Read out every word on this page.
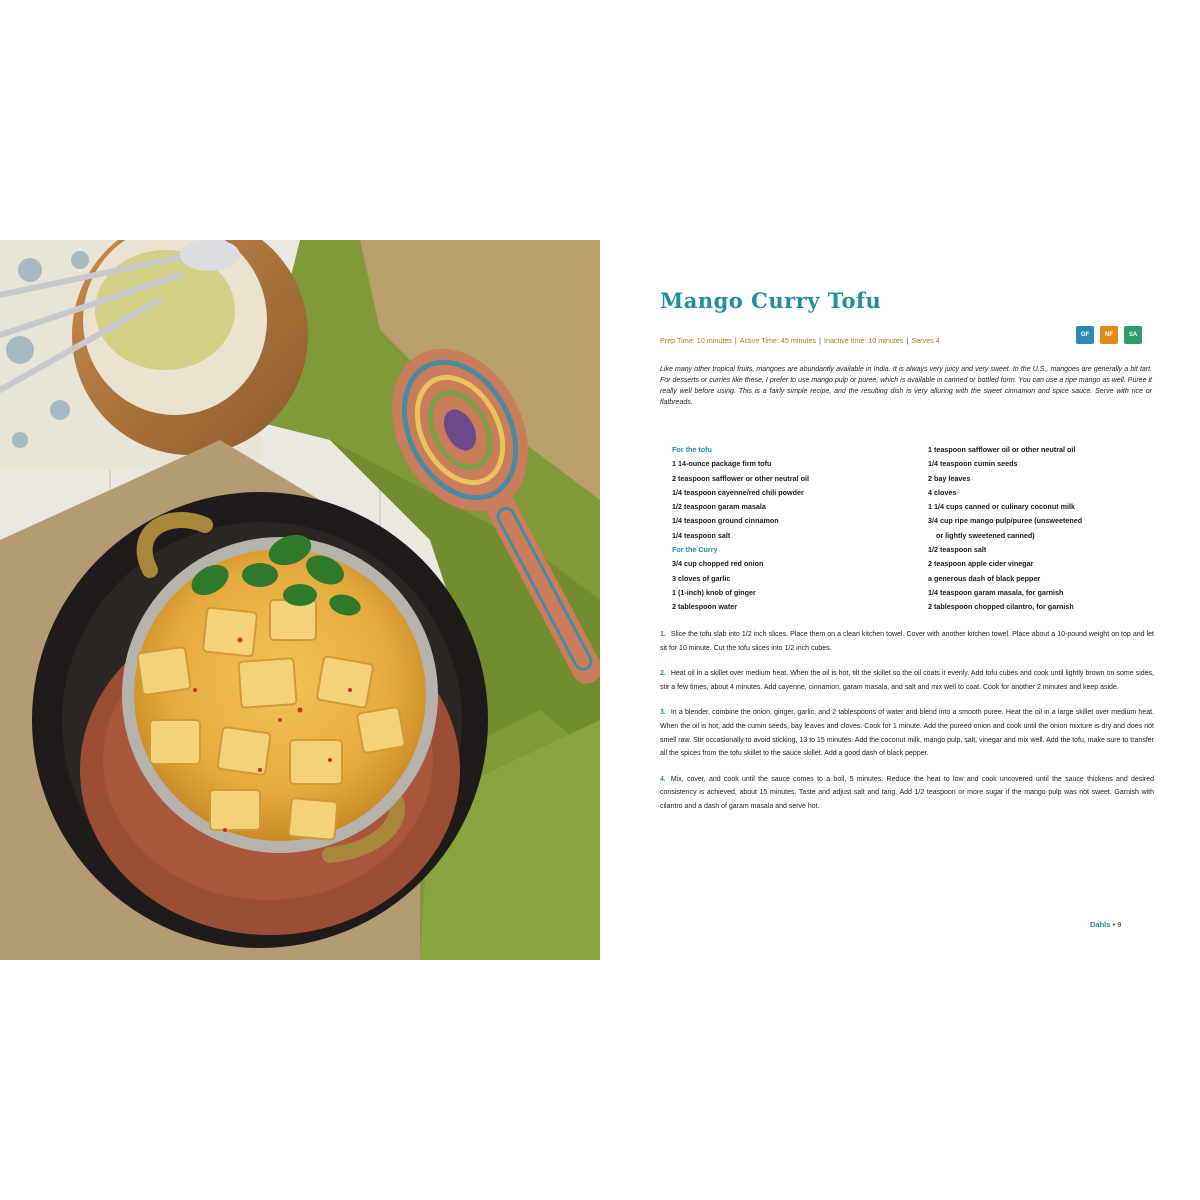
Mango Curry Tofu
Prep Time: 10 minutes | Active Time: 45 minutes | Inactive time: 10 minutes | Serves 4
GF	NF	SA
Like many other tropical fruits, mangoes are abundantly available in India. It is always very juicy and very sweet. In the U.S., mangoes are generally a bit tart. For desserts or curries like these, I prefer to use mango pulp or puree, which is available in canned or bottled form. You can use a ripe mango as well. Puree it really well before using. This is a fairly simple recipe, and the resulting dish is very alluring with the sweet cinnamon and spice sauce. Serve with rice or flatbreads.
For the tofu
1 14-ounce package firm tofu
2 teaspoon safflower or other neutral oil
1/4 teaspoon cayenne/red chili powder
1/2 teaspoon garam masala
1/4 teaspoon ground cinnamon
1/4 teaspoon salt
For the Curry
3/4 cup chopped red onion
3 cloves of garlic
1 (1-inch) knob of ginger
2 tablespoon water
1 teaspoon safflower oil or other neutral oil
1/4 teaspoon cumin seeds
2 bay leaves
4 cloves
1 1/4 cups canned or culinary coconut milk
3/4 cup ripe mango pulp/puree (unsweetened
or lightly sweetened canned)
1/2 teaspoon salt
2 teaspoon apple cider vinegar
a generous dash of black pepper
1/4 teaspoon garam masala, for garnish
2 tablespoon chopped cilantro, for garnish
1. Slice the tofu slab into 1/2 inch slices. Place them on a clean kitchen towel. Cover with another kitchen towel. Place about a 10-pound weight on top and let sit for 10 minute. Cut the tofu slices into 1/2 inch cubes.
2. Heat oil in a skillet over medium heat. When the oil is hot, tilt the skillet so the oil coats it evenly. Add tofu cubes and cook until lightly brown on some sides, stir a few times, about 4 minutes. Add cayenne, cinnamon, garam masala, and salt and mix well to coat. Cook for another 2 minutes and keep aside.
3. In a blender, combine the onion, ginger, garlic, and 2 tablespoons of water and blend into a smooth puree. Heat the oil in a large skillet over medium heat. When the oil is hot, add the cumin seeds, bay leaves and cloves. Cook for 1 minute. Add the pureed onion and cook until the onion mixture is dry and does not smell raw. Stir occasionally to avoid sticking, 13 to 15 minutes. Add the coconut milk, mango pulp, salt, vinegar and mix well. Add the tofu, make sure to transfer all the spices from the tofu skillet to the sauce skillet. Add a good dash of black pepper.
4. Mix, cover, and cook until the sauce comes to a boil, 5 minutes. Reduce the heat to low and cook uncovered until the sauce thickens and desired consistency is achieved, about 15 minutes. Taste and adjust salt and tang. Add 1/2 teaspoon or more sugar if the mango pulp was not sweet. Garnish with cilantro and a dash of garam masala and serve hot.
Dahls • 9
